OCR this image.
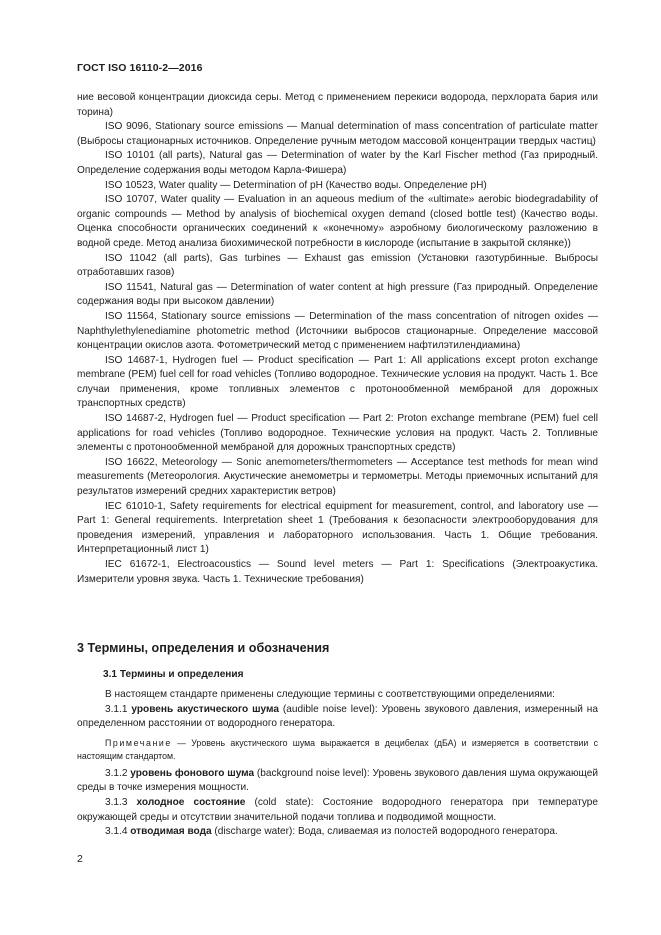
ГОСТ ISO 16110-2—2016

ние весовой концентрации диоксида серы. Метод с применением перекиси водорода, перхлората бария или торина)

ISO 9096, Stationary source emissions — Manual determination of mass concentration of particulate matter (Выбросы стационарных источников. Определение ручным методом массовой концентрации твердых частиц)

ISO 10101 (all parts), Natural gas — Determination of water by the Karl Fischer method (Газ природный. Определение содержания воды методом Карла-Фишера)

ISO 10523, Water quality — Determination of pH (Качество воды. Определение pH)

ISO 10707, Water quality — Evaluation in an aqueous medium of the «ultimate» aerobic biodegradability of organic compounds — Method by analysis of biochemical oxygen demand (closed bottle test) (Качество воды. Оценка способности органических соединений к «конечному» аэробному биологическому разложению в водной среде. Метод анализа биохимической потребности в кислороде (испытание в закрытой склянке))

ISO 11042 (all parts), Gas turbines — Exhaust gas emission (Установки газотурбинные. Выбросы отработавших газов)

ISO 11541, Natural gas — Determination of water content at high pressure (Газ природный. Определение содержания воды при высоком давлении)

ISO 11564, Stationary source emissions — Determination of the mass concentration of nitrogen oxides — Naphthylethylenediamine photometric method (Источники выбросов стационарные. Определение массовой концентрации окислов азота. Фотометрический метод с применением нафтилэтилендиамина)

ISO 14687-1, Hydrogen fuel — Product specification — Part 1: All applications except proton exchange membrane (PEM) fuel cell for road vehicles (Топливо водородное. Технические условия на продукт. Часть 1. Все случаи применения, кроме топливных элементов с протонообменной мембраной для дорожных транспортных средств)

ISO 14687-2, Hydrogen fuel — Product specification — Part 2: Proton exchange membrane (PEM) fuel cell applications for road vehicles (Топливо водородное. Технические условия на продукт. Часть 2. Топливные элементы с протонообменной мембраной для дорожных транспортных средств)

ISO 16622, Meteorology — Sonic anemometers/thermometers — Acceptance test methods for mean wind measurements (Метеорология. Акустические анемометры и термометры. Методы приемочных испытаний для результатов измерений средних характеристик ветров)

IEC 61010-1, Safety requirements for electrical equipment for measurement, control, and laboratory use — Part 1: General requirements. Interpretation sheet 1 (Требования к безопасности электрооборудования для проведения измерений, управления и лабораторного использования. Часть 1. Общие требования. Интерпретационный лист 1)

IEC 61672-1, Electroacoustics — Sound level meters — Part 1: Specifications (Электроакустика. Измерители уровня звука. Часть 1. Технические требования)

3 Термины, определения и обозначения
3.1 Термины и определения

В настоящем стандарте применены следующие термины с соответствующими определениями:

3.1.1 уровень акустического шума (audible noise level): Уровень звукового давления, измеренный на определенном расстоянии от водородного генератора.

Примечание — Уровень акустического шума выражается в децибелах (дБА) и измеряется в соответствии с настоящим стандартом.

3.1.2 уровень фонового шума (background noise level): Уровень звукового давления шума окружающей среды в точке измерения мощности.

3.1.3 холодное состояние (cold state): Состояние водородного генератора при температуре окружающей среды и отсутствии значительной подачи топлива и подводимой мощности.

3.1.4 отводимая вода (discharge water): Вода, сливаемая из полостей водородного генератора.

2
